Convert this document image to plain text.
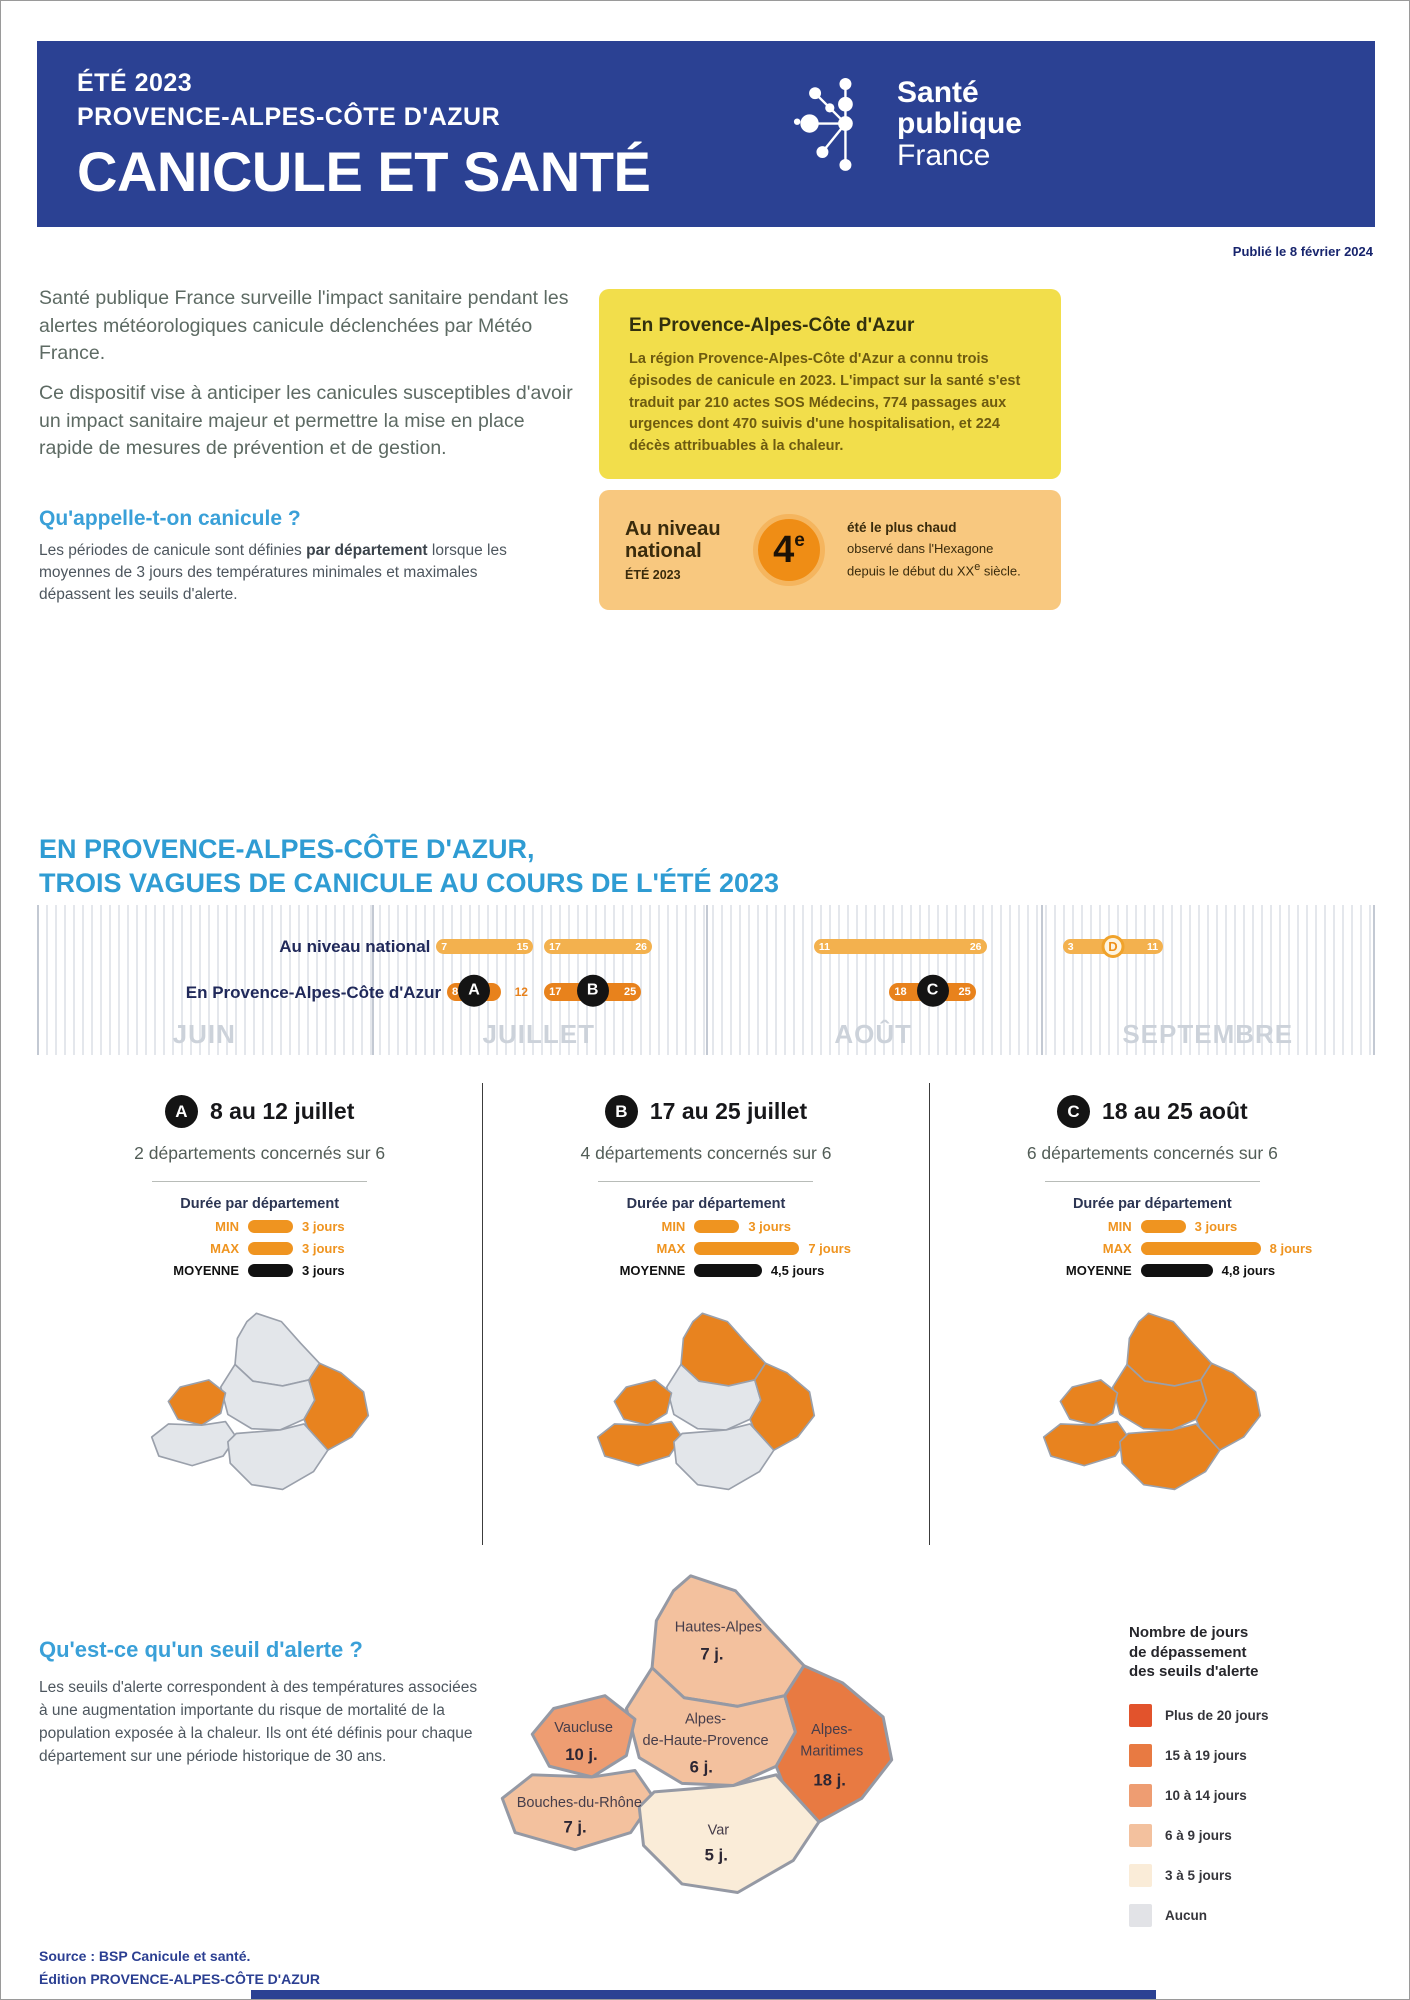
ÉTÉ 2023
PROVENCE-ALPES-CÔTE D'AZUR
CANICULE ET SANTÉ
Santé
publique
France
Publié le 8 février 2024

Santé publique France surveille l'impact sanitaire pendant les alertes météorologiques canicule déclenchées par Météo France.

Ce dispositif vise à anticiper les canicules susceptibles d'avoir un impact sanitaire majeur et permettre la mise en place rapide de mesures de prévention et de gestion.

Qu'appelle-t-on canicule ?
Les périodes de canicule sont définies par département lorsque les moyennes de 3 jours des températures minimales et maximales dépassent les seuils d'alerte.
En Provence-Alpes-Côte d'Azur
La région Provence-Alpes-Côte d'Azur a connu trois épisodes de canicule en 2023. L'impact sur la santé s'est traduit par 210 actes SOS Médecins, 774 passages aux urgences dont 470 suivis d'une hospitalisation, et 224 décès attribuables à la chaleur.
Au niveau
national
ÉTÉ 2023
4e
été le plus chaud
observé dans l'Hexagone
depuis le début du XXe siècle.
EN PROVENCE-ALPES-CÔTE D'AZUR,
TROIS VAGUES DE CANICULE AU COURS DE L'ÉTÉ 2023
JUIN	JUILLET	AOÛT	SEPTEMBRE
Au niveau national 7	15 17	26	11	26	3	11
D
En Provence-Alpes-Côte d'Azur 8	12
A	17	25
B	18	25
C
A 8 au 12 juillet
2 départements concernés sur 6
Durée par département
MIN	3 jours
MAX	3 jours
MOYENNE	3 jours
B 17 au 25 juillet
4 départements concernés sur 6
Durée par département
MIN	3 jours
MAX	7 jours
MOYENNE	4,5 jours
C 18 au 25 août
6 départements concernés sur 6
Durée par département
MIN	3 jours
MAX	8 jours
MOYENNE	4,8 jours
Qu'est-ce qu'un seuil d'alerte ?
Les seuils d'alerte correspondent à des températures associées à une augmentation importante du risque de mortalité de la population exposée à la chaleur. Ils ont été définis pour chaque département sur une période historique de 30 ans.
Hautes-Alpes
7 j.
Alpes-
de-Haute-Provence
6 j.
Alpes-
Maritimes
18 j.
Vaucluse
10 j.
Bouches-du-Rhône
7 j.	Var
5 j.
Nombre de jours
de dépassement
des seuils d'alerte
Plus de 20 jours
15 à 19 jours
10 à 14 jours
6 à 9 jours
3 à 5 jours
Aucun
Source : BSP Canicule et santé.
Édition PROVENCE-ALPES-CÔTE D'AZUR
